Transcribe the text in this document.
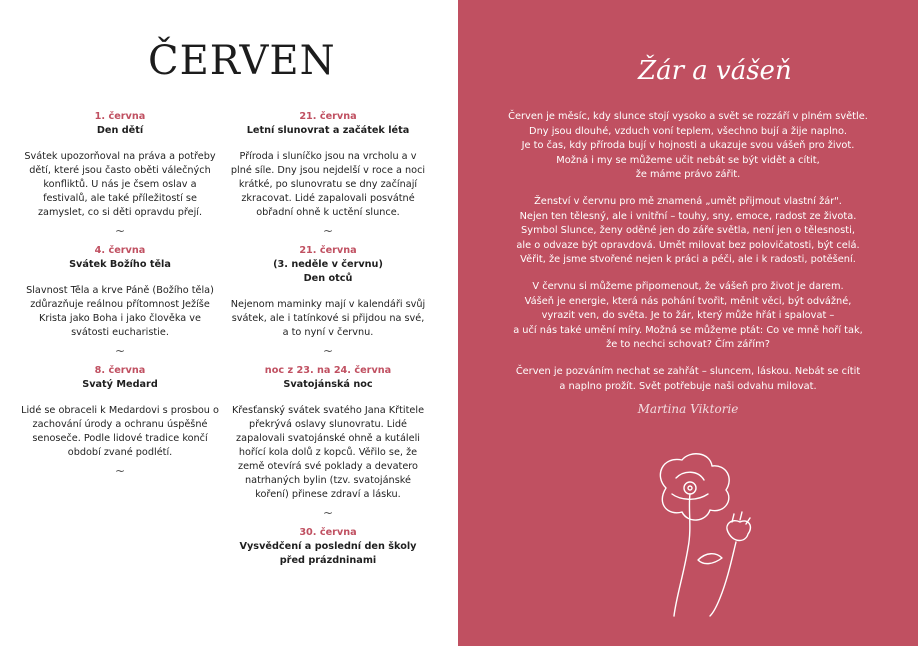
ČERVEN
1. června
Den dětí
Svátek upozorňoval na práva a potřeby dětí, které jsou často oběti válečných konfliktů. U nás je čsem oslav a festivalů, ale také příležitostí se zamyslet, co si děti opravdu přejí.
~
4. června
Svátek Božího těla
Slavnost Těla a krve Páně (Božího těla) zdůrazňuje reálnou přítomnost Ježíše Krista jako Boha i jako člověka ve svátosti eucharistie.
~
8. června
Svatý Medard
Lidé se obraceli k Medardovi s prosbou o zachování úrody a ochranu úspěšné senoseče. Podle lidové tradice končí období zvané podlétí.
~
21. června
Letní slunovrat a začátek léta
Příroda i sluníčko jsou na vrcholu a v plné síle. Dny jsou nejdelší v roce a noci krátké, po slunovratu se dny začínají zkracovat. Lidé zapalovali posvátné obřadní ohně k uctění slunce.
~
21. června
(3. neděle v červnu)
Den otců
Nejenom maminky mají v kalendáři svůj svátek, ale i tatínkové si přijdou na své, a to nyní v červnu.
~
noc z 23. na 24. června
Svatojánská noc
Křesťanský svátek svatého Jana Křtitele překrývá oslavy slunovratu. Lidé zapalovali svatojánské ohně a kutáleli hořící kola dolů z kopců. Věřilo se, že země otevírá své poklady a devatero natrhaných bylin (tzv. svatojánské koření) přinese zdraví a lásku.
~
30. června
Vysvědčení a poslední den školy před prázdninami
Žár a vášeň

Červen je měsíc, kdy slunce stojí vysoko a svět se rozzáří v plném světle.
Dny jsou dlouhé, vzduch voní teplem, všechno bují a žije naplno.
Je to čas, kdy příroda bují v hojnosti a ukazuje svou vášeň pro život.
Možná i my se můžeme učit nebát se být vidět a cítit,
že máme právo zářit.

Ženství v červnu pro mě znamená „umět přijmout vlastní žár".
Nejen ten tělesný, ale i vnitřní – touhy, sny, emoce, radost ze života.
Symbol Slunce, ženy oděné jen do záře světla, není jen o tělesnosti,
ale o odvaze být opravdová. Umět milovat bez polovičatosti, být celá.
Věřit, že jsme stvořené nejen k práci a péči, ale i k radosti, potěšení.

V červnu si můžeme připomenout, že vášeň pro život je darem.
Vášeň je energie, která nás pohání tvořit, měnit věci, být odvážné,
vyrazit ven, do světa. Je to žár, který může hřát i spalovat –
a učí nás také umění míry. Možná se můžeme ptát: Co ve mně hoří tak,
že to nechci schovat? Čím zářím?

Červen je pozváním nechat se zahřát – sluncem, láskou. Nebát se cítit
a naplno prožít. Svět potřebuje naši odvahu milovat.

Martina Viktorie
